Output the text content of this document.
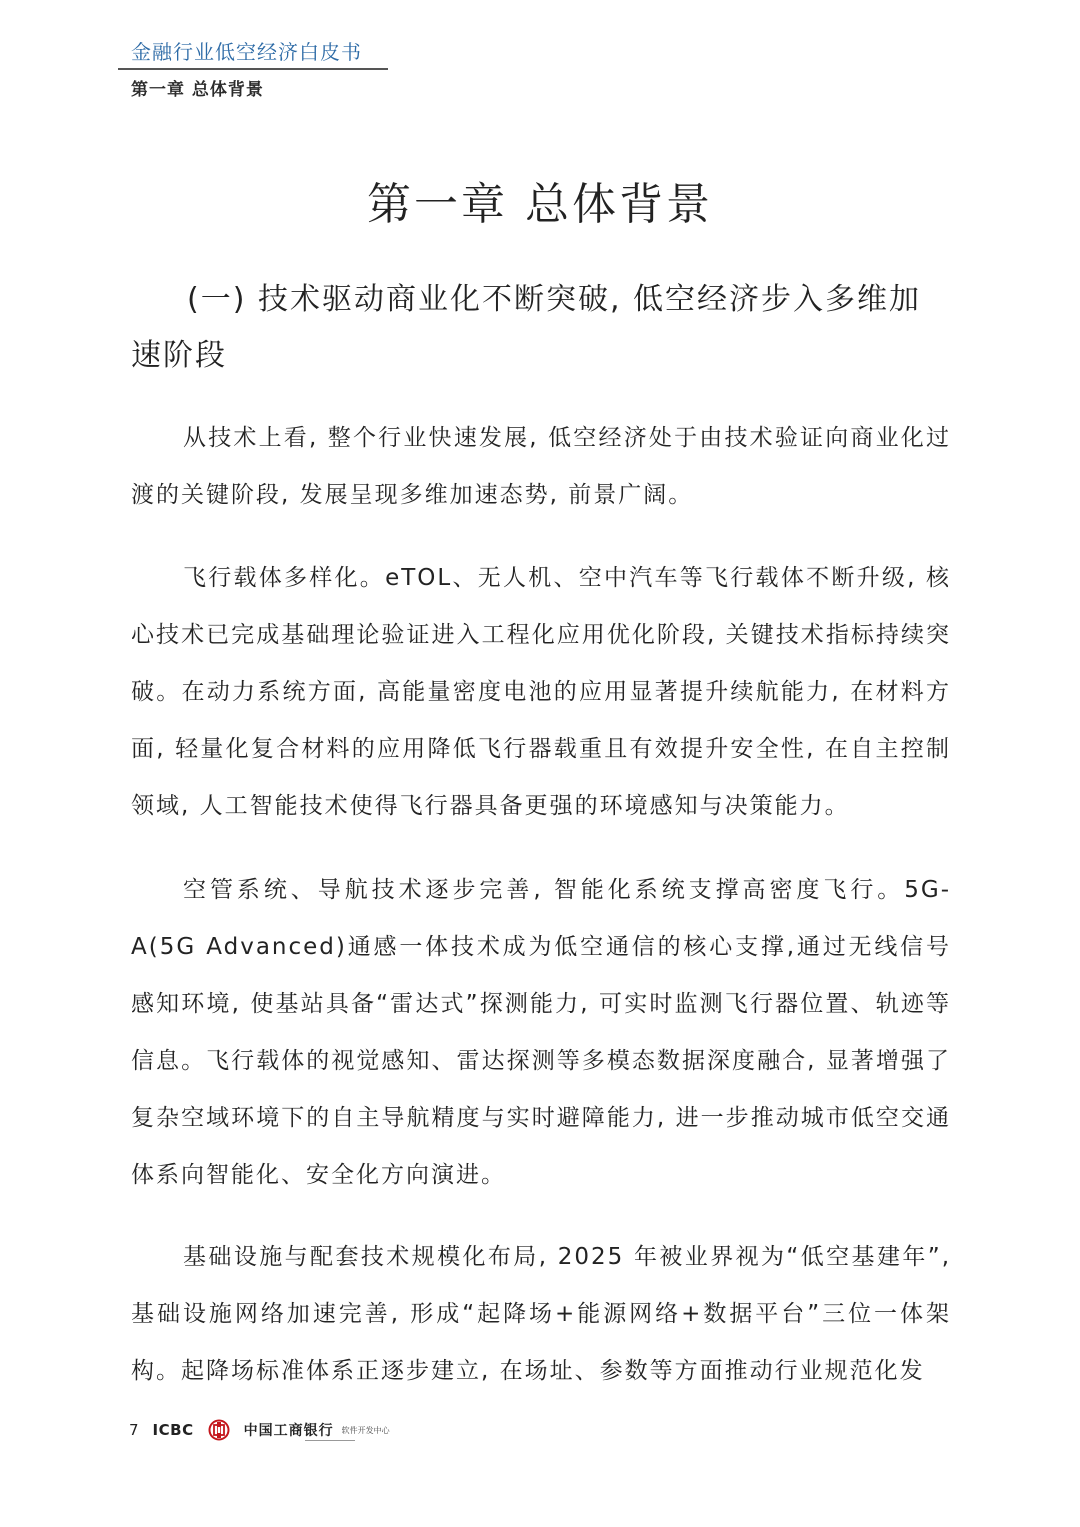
金融行业低空经济白皮书
第一章 总体背景
第一章 总体背景
(一) 技术驱动商业化不断突破, 低空经济步入多维加速阶段

从技术上看, 整个行业快速发展, 低空经济处于由技术验证向商业化过渡的关键阶段, 发展呈现多维加速态势, 前景广阔。

飞行载体多样化。eTOL、无人机、空中汽车等飞行载体不断升级, 核心技术已完成基础理论验证进入工程化应用优化阶段, 关键技术指标持续突破。在动力系统方面, 高能量密度电池的应用显著提升续航能力, 在材料方面, 轻量化复合材料的应用降低飞行器载重且有效提升安全性, 在自主控制领域, 人工智能技术使得飞行器具备更强的环境感知与决策能力。

空管系统、导航技术逐步完善, 智能化系统支撑高密度飞行。5G-A(5G Advanced)通感一体技术成为低空通信的核心支撑,通过无线信号感知环境, 使基站具备“雷达式”探测能力, 可实时监测飞行器位置、轨迹等信息。飞行载体的视觉感知、雷达探测等多模态数据深度融合, 显著增强了复杂空域环境下的自主导航精度与实时避障能力, 进一步推动城市低空交通体系向智能化、安全化方向演进。

基础设施与配套技术规模化布局, 2025 年被业界视为“低空基建年”, 基础设施网络加速完善, 形成“起降场+能源网络+数据平台”三位一体架构。起降场标准体系正逐步建立, 在场址、参数等方面推动行业规范化发

7 ICBC	中国工商银行 软件开发中心
